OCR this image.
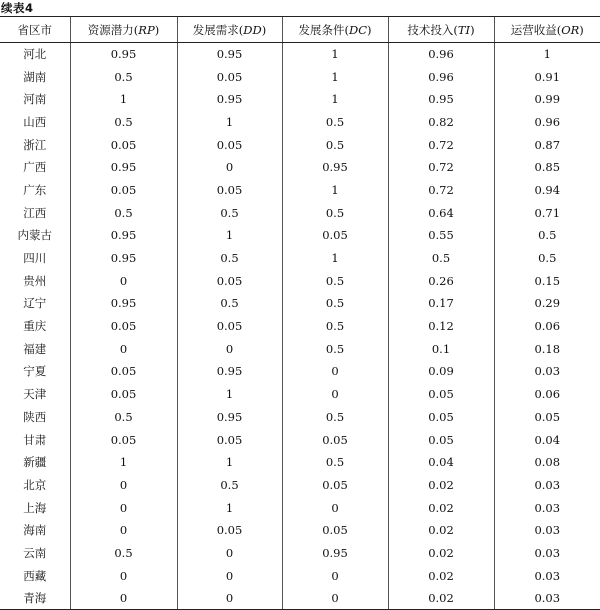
续表4
省区市	资源潜力(RP)	发展需求(DD)	发展条件(DC)	技术投入(TI)	运营收益(OR)
河北	0.95	0.95	1	0.96	1
湖南	0.5	0.05	1	0.96	0.91
河南	1	0.95	1	0.95	0.99
山西	0.5	1	0.5	0.82	0.96
浙江	0.05	0.05	0.5	0.72	0.87
广西	0.95	0	0.95	0.72	0.85
广东	0.05	0.05	1	0.72	0.94
江西	0.5	0.5	0.5	0.64	0.71
内蒙古	0.95	1	0.05	0.55	0.5
四川	0.95	0.5	1	0.5	0.5
贵州	0	0.05	0.5	0.26	0.15
辽宁	0.95	0.5	0.5	0.17	0.29
重庆	0.05	0.05	0.5	0.12	0.06
福建	0	0	0.5	0.1	0.18
宁夏	0.05	0.95	0	0.09	0.03
天津	0.05	1	0	0.05	0.06
陕西	0.5	0.95	0.5	0.05	0.05
甘肃	0.05	0.05	0.05	0.05	0.04
新疆	1	1	0.5	0.04	0.08
北京	0	0.5	0.05	0.02	0.03
上海	0	1	0	0.02	0.03
海南	0	0.05	0.05	0.02	0.03
云南	0.5	0	0.95	0.02	0.03
西藏	0	0	0	0.02	0.03
青海	0	0	0	0.02	0.03
